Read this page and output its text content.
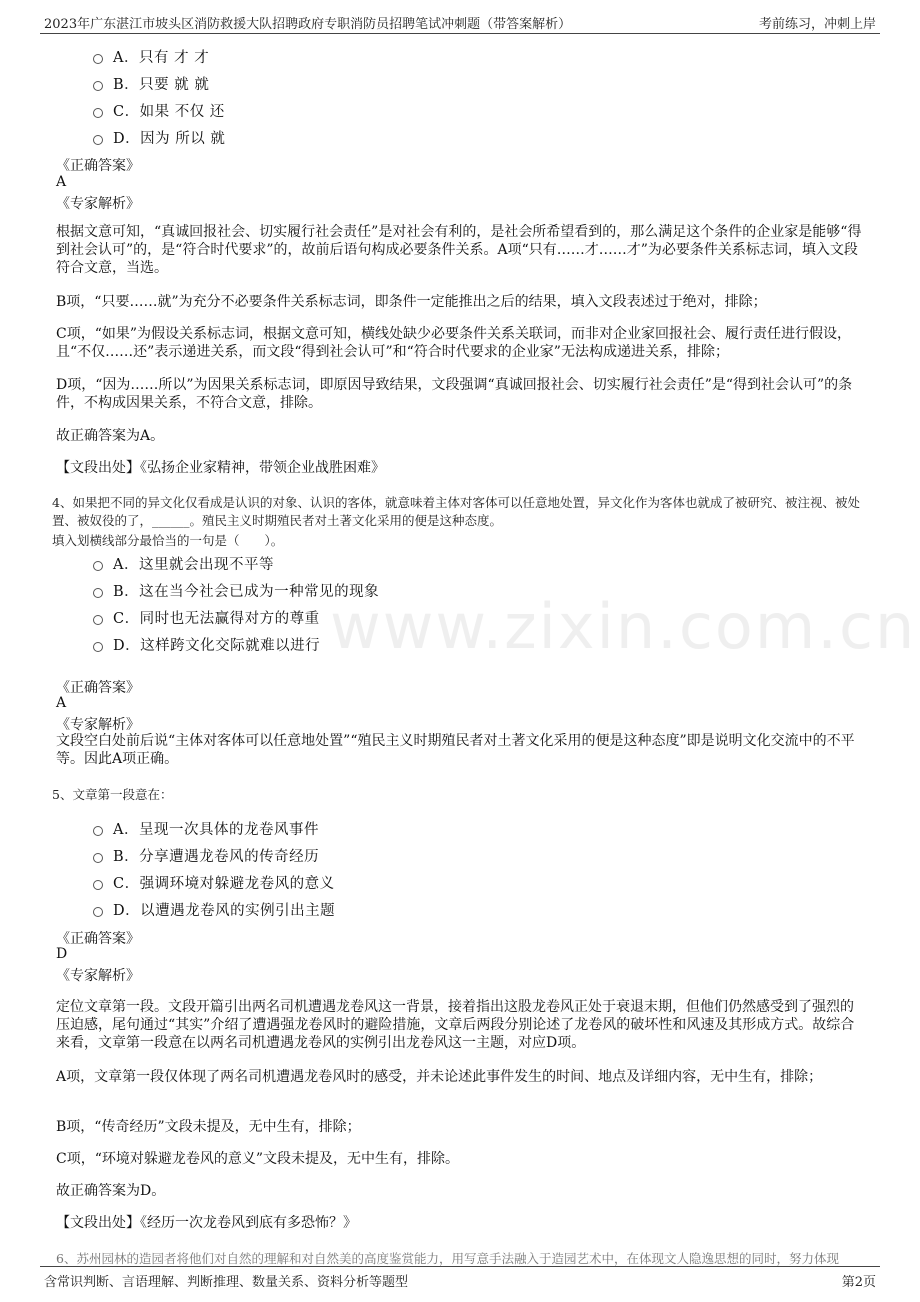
2023年广东湛江市坡头区消防救援大队招聘政府专职消防员招聘笔试冲刺题（带答案解析）	考前练习，冲刺上岸
www.zixin.com.cn
A．只有 才 才
B．只要 就 就
C．如果 不仅 还
D．因为 所以 就
《正确答案》
A
《专家解析》
根据文意可知，“真诚回报社会、切实履行社会责任”是对社会有利的，是社会所希望看到的，那么满足这个条件的企业家是能够“得到社会认可”的，是“符合时代要求”的，故前后语句构成必要条件关系。A项“只有……才……才”为必要条件关系标志词，填入文段符合文意，当选。
B项，“只要……就”为充分不必要条件关系标志词，即条件一定能推出之后的结果，填入文段表述过于绝对，排除；
C项，“如果”为假设关系标志词，根据文意可知，横线处缺少必要条件关系关联词，而非对企业家回报社会、履行责任进行假设，且“不仅……还”表示递进关系，而文段“得到社会认可”和“符合时代要求的企业家”无法构成递进关系，排除；
D项，“因为……所以”为因果关系标志词，即原因导致结果，文段强调“真诚回报社会、切实履行社会责任”是“得到社会认可”的条件，不构成因果关系，不符合文意，排除。
故正确答案为A。
【文段出处】《弘扬企业家精神，带领企业战胜困难》
4、如果把不同的异文化仅看成是认识的对象、认识的客体，就意味着主体对客体可以任意地处置，异文化作为客体也就成了被研究、被注视、被处置、被奴役的了，______。殖民主义时期殖民者对土著文化采用的便是这种态度。
填入划横线部分最恰当的一句是（　　）。
A．这里就会出现不平等
B．这在当今社会已成为一种常见的现象
C．同时也无法赢得对方的尊重
D．这样跨文化交际就难以进行
《正确答案》
A
《专家解析》
文段空白处前后说“主体对客体可以任意地处置”“殖民主义时期殖民者对土著文化采用的便是这种态度”即是说明文化交流中的不平等。因此A项正确。
5、文章第一段意在：
A．呈现一次具体的龙卷风事件
B．分享遭遇龙卷风的传奇经历
C．强调环境对躲避龙卷风的意义
D．以遭遇龙卷风的实例引出主题
《正确答案》
D
《专家解析》
定位文章第一段。文段开篇引出两名司机遭遇龙卷风这一背景，接着指出这股龙卷风正处于衰退末期，但他们仍然感受到了强烈的压迫感，尾句通过“其实”介绍了遭遇强龙卷风时的避险措施，文章后两段分别论述了龙卷风的破坏性和风速及其形成方式。故综合来看，文章第一段意在以两名司机遭遇龙卷风的实例引出龙卷风这一主题，对应D项。
A项，文章第一段仅体现了两名司机遭遇龙卷风时的感受，并未论述此事件发生的时间、地点及详细内容，无中生有，排除；
B项，“传奇经历”文段未提及，无中生有，排除；
C项，“环境对躲避龙卷风的意义”文段未提及，无中生有，排除。
故正确答案为D。
【文段出处】《经历一次龙卷风到底有多恐怖？》
6、苏州园林的造园者将他们对自然的理解和对自然美的高度鉴赏能力，用写意手法融入于造园艺术中，在体现文人隐逸思想的同时，努力体现
含常识判断、言语理解、判断推理、数量关系、资料分析等题型	第2页
